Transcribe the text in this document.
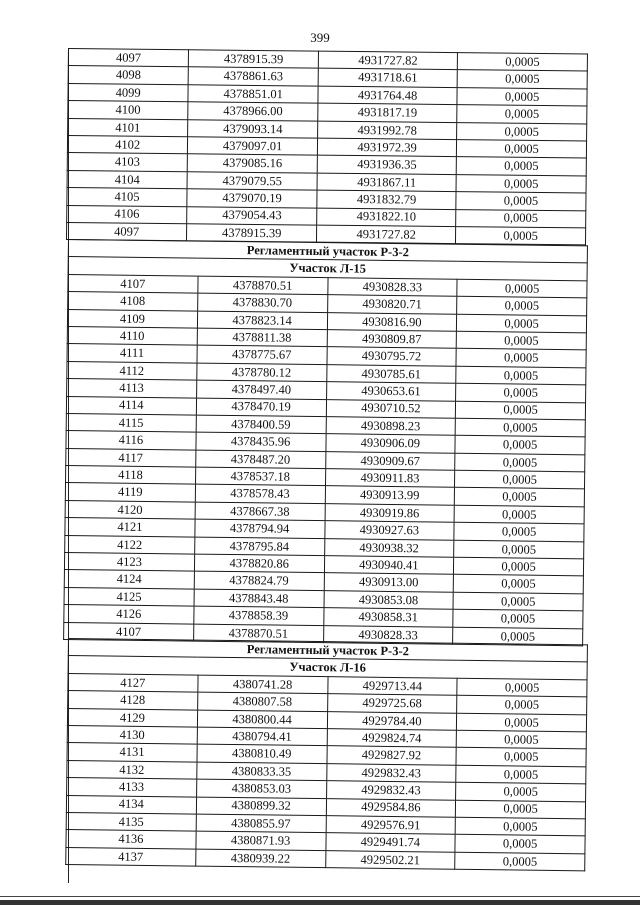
399
4097	4378915.39	4931727.82	0,0005
4098	4378861.63	4931718.61	0,0005
4099	4378851.01	4931764.48	0,0005
4100	4378966.00	4931817.19	0,0005
4101	4379093.14	4931992.78	0,0005
4102	4379097.01	4931972.39	0,0005
4103	4379085.16	4931936.35	0,0005
4104	4379079.55	4931867.11	0,0005
4105	4379070.19	4931832.79	0,0005
4106	4379054.43	4931822.10	0,0005
4097	4378915.39	4931727.82	0,0005
Регламентный участок Р-3-2			
Участок Л-15			
4107	4378870.51	4930828.33	0,0005
4108	4378830.70	4930820.71	0,0005
4109	4378823.14	4930816.90	0,0005
4110	4378811.38	4930809.87	0,0005
4111	4378775.67	4930795.72	0,0005
4112	4378780.12	4930785.61	0,0005
4113	4378497.40	4930653.61	0,0005
4114	4378470.19	4930710.52	0,0005
4115	4378400.59	4930898.23	0,0005
4116	4378435.96	4930906.09	0,0005
4117	4378487.20	4930909.67	0,0005
4118	4378537.18	4930911.83	0,0005
4119	4378578.43	4930913.99	0,0005
4120	4378667.38	4930919.86	0,0005
4121	4378794.94	4930927.63	0,0005
4122	4378795.84	4930938.32	0,0005
4123	4378820.86	4930940.41	0,0005
4124	4378824.79	4930913.00	0,0005
4125	4378843.48	4930853.08	0,0005
4126	4378858.39	4930858.31	0,0005
4107	4378870.51	4930828.33	0,0005
Регламентный участок Р-3-2			
Участок Л-16			
4127	4380741.28	4929713.44	0,0005
4128	4380807.58	4929725.68	0,0005
4129	4380800.44	4929784.40	0,0005
4130	4380794.41	4929824.74	0,0005
4131	4380810.49	4929827.92	0,0005
4132	4380833.35	4929832.43	0,0005
4133	4380853.03	4929832.43	0,0005
4134	4380899.32	4929584.86	0,0005
4135	4380855.97	4929576.91	0,0005
4136	4380871.93	4929491.74	0,0005
4137	4380939.22	4929502.21	0,0005
